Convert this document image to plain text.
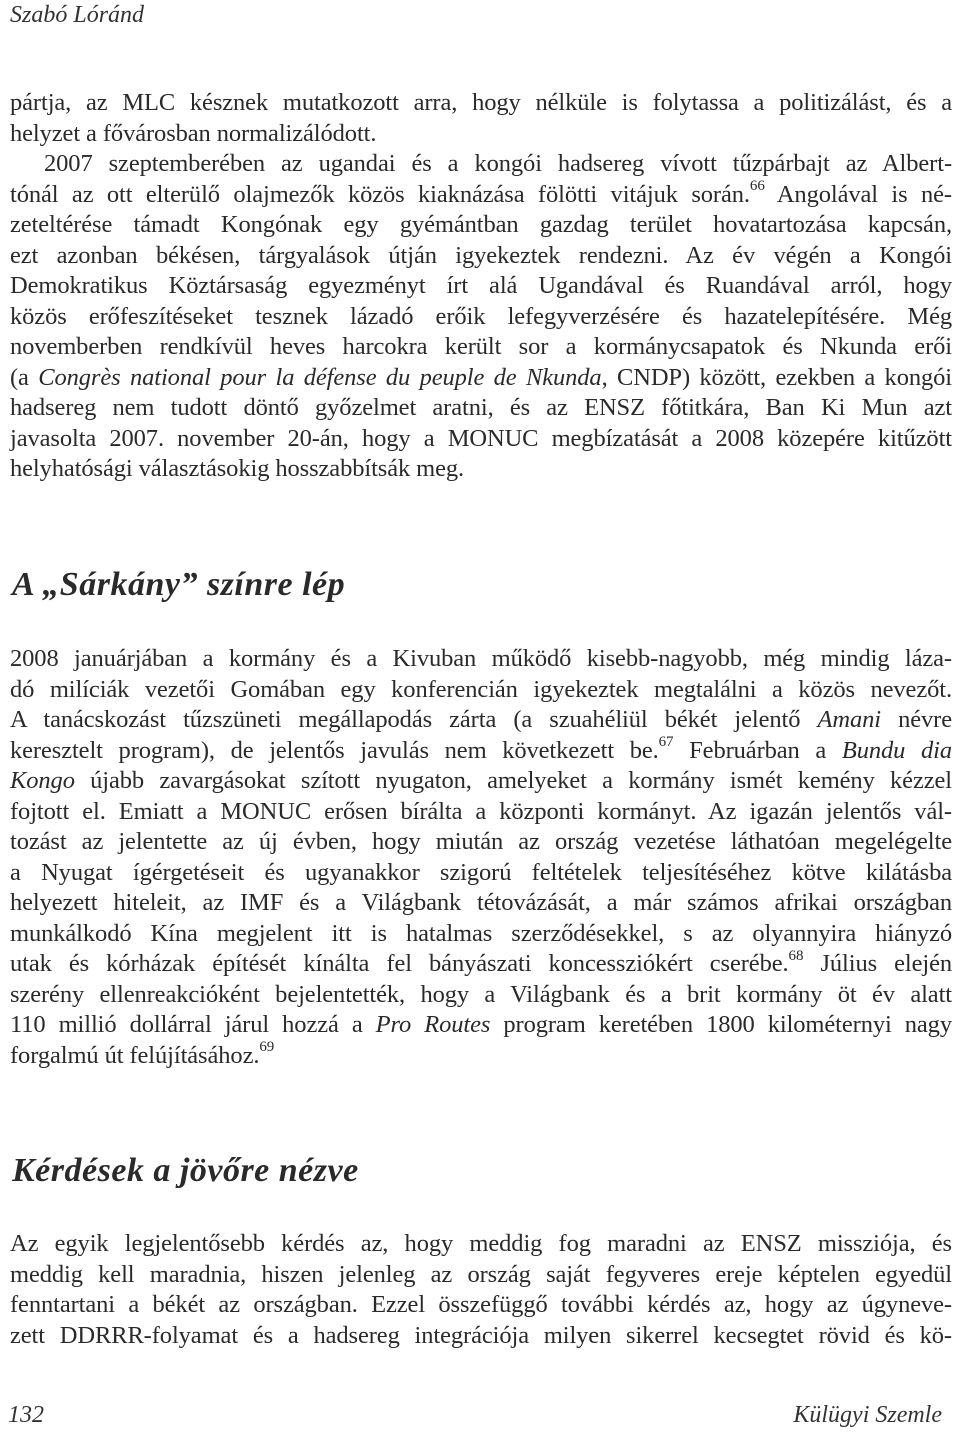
Szabó Lóránd
pártja, az MLC késznek mutatkozott arra, hogy nélküle is folytassa a politizálást, és a
helyzet a fővárosban normalizálódott.
2007 szeptemberében az ugandai és a kongói hadsereg vívott tűzpárbajt az Albert-
tónál az ott elterülő olajmezők közös kiaknázása fölötti vitájuk során.$^{66}$ Angolával is né-
zeteltérése támadt Kongónak egy gyémántban gazdag terület hovatartozása kapcsán,
ezt azonban békésen, tárgyalások útján igyekeztek rendezni. Az év végén a Kongói
Demokratikus Köztársaság egyezményt írt alá Ugandával és Ruandával arról, hogy
közös erőfeszítéseket tesznek lázadó erőik lefegyverzésére és hazatelepítésére. Még
novemberben rendkívül heves harcokra került sor a kormánycsapatok és Nkunda erői
(a Congrès national pour la défense du peuple de Nkunda, CNDP) között, ezekben a kongói
hadsereg nem tudott döntő győzelmet aratni, és az ENSZ főtitkára, Ban Ki Mun azt
javasolta 2007. november 20-án, hogy a MONUC megbízatását a 2008 közepére kitűzött
helyhatósági választásokig hosszabbítsák meg.
A „Sárkány” színre lép
2008 januárjában a kormány és a Kivuban működő kisebb-nagyobb, még mindig láza-
dó milíciák vezetői Gomában egy konferencián igyekeztek megtalálni a közös nevezőt.
A tanácskozást tűzszüneti megállapodás zárta (a szuahéliül békét jelentő Amani névre
keresztelt program), de jelentős javulás nem következett be.$^{67}$ Februárban a Bundu dia
Kongo újabb zavargásokat szított nyugaton, amelyeket a kormány ismét kemény kézzel
fojtott el. Emiatt a MONUC erősen bírálta a központi kormányt. Az igazán jelentős vál-
tozást az jelentette az új évben, hogy miután az ország vezetése láthatóan megelégelte
a Nyugat ígérgetéseit és ugyanakkor szigorú feltételek teljesítéséhez kötve kilátásba
helyezett hiteleit, az IMF és a Világbank tétovázását, a már számos afrikai országban
munkálkodó Kína megjelent itt is hatalmas szerződésekkel, s az olyannyira hiányzó
utak és kórházak építését kínálta fel bányászati koncessziókért cserébe.$^{68}$ Július elején
szerény ellenreakcióként bejelentették, hogy a Világbank és a brit kormány öt év alatt
110 millió dollárral járul hozzá a Pro Routes program keretében 1800 kilométernyi nagy
forgalmú út felújításához.$^{69}$
Kérdések a jövőre nézve
Az egyik legjelentősebb kérdés az, hogy meddig fog maradni az ENSZ missziója, és
meddig kell maradnia, hiszen jelenleg az ország saját fegyveres ereje képtelen egyedül
fenntartani a békét az országban. Ezzel összefüggő további kérdés az, hogy az úgyneve-
zett DDRRR-folyamat és a hadsereg integrációja milyen sikerrel kecsegtet rövid és kö-
132	Külügyi Szemle
